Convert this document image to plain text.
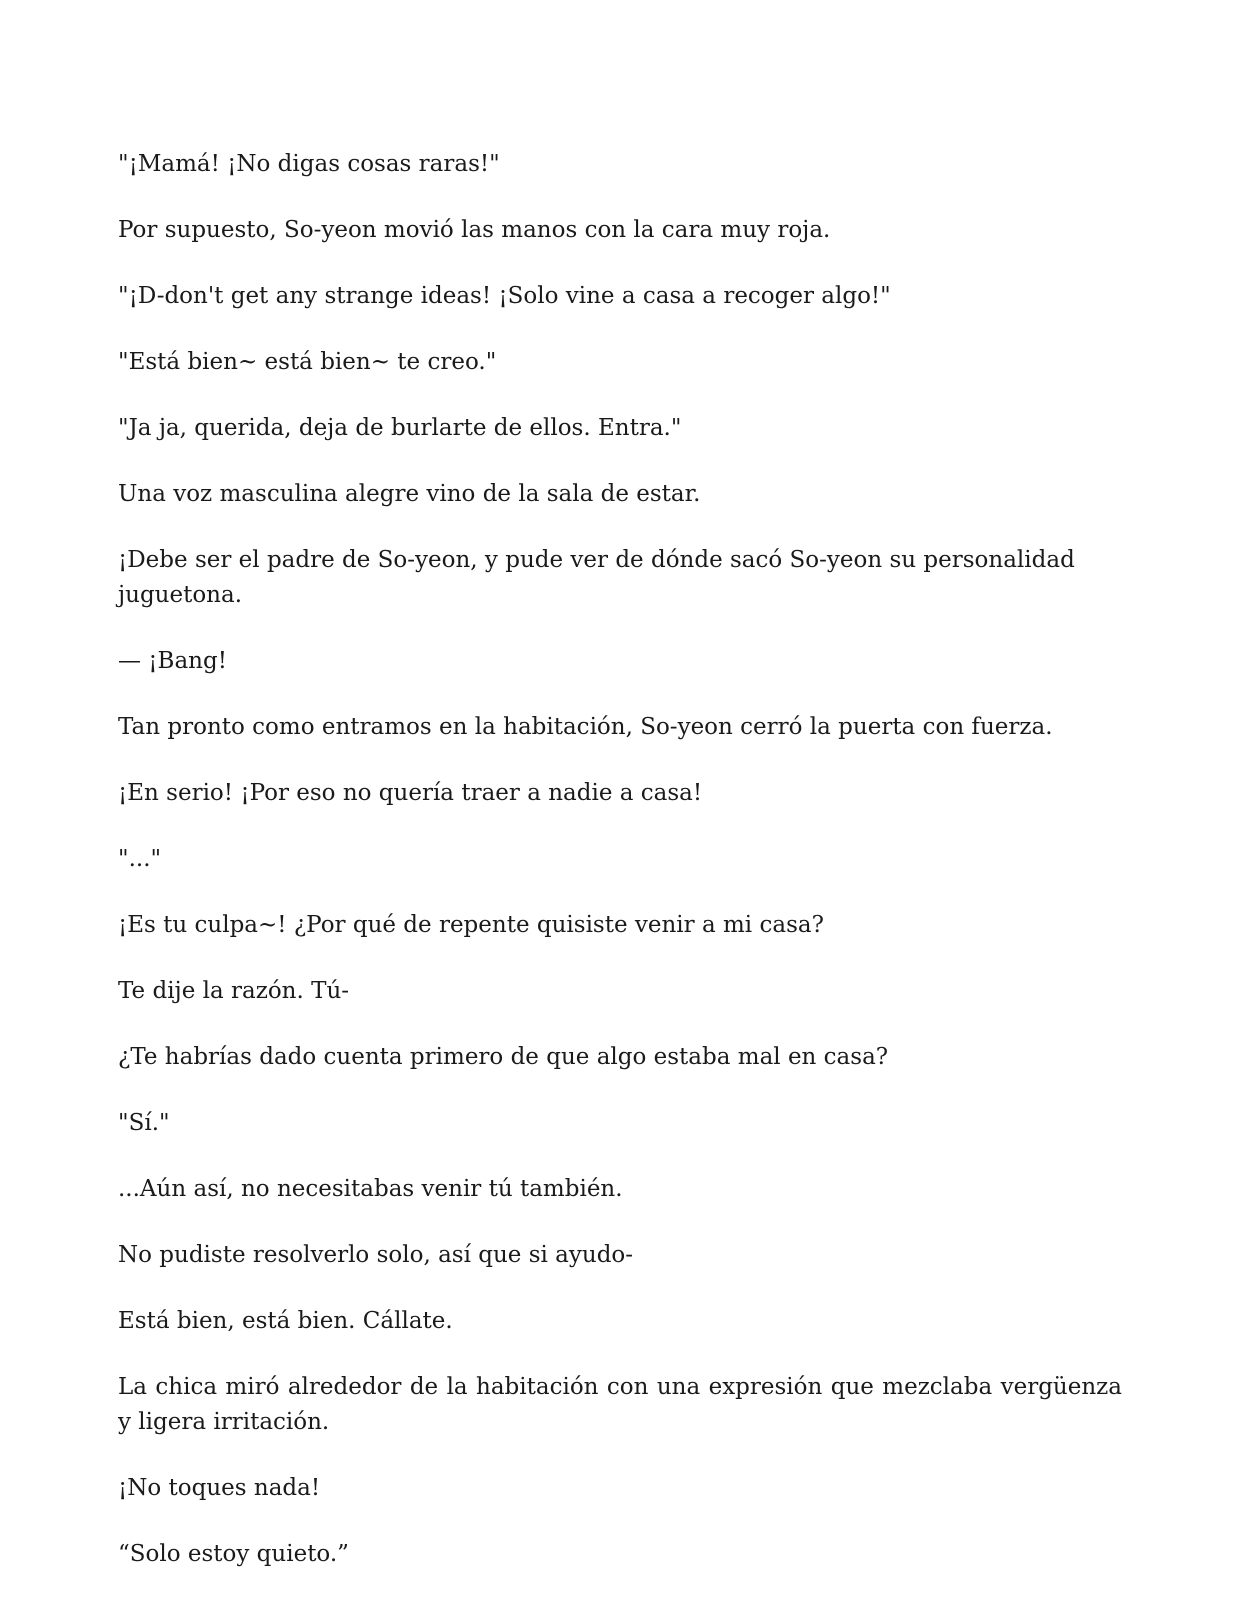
"¡Mamá! ¡No digas cosas raras!"

Por supuesto, So-yeon movió las manos con la cara muy roja.

"¡D-don't get any strange ideas! ¡Solo vine a casa a recoger algo!"

"Está bien~ está bien~ te creo."

"Ja ja, querida, deja de burlarte de ellos. Entra."

Una voz masculina alegre vino de la sala de estar.

¡Debe ser el padre de So-yeon, y pude ver de dónde sacó So-yeon su personalidad juguetona.

— ¡Bang!

Tan pronto como entramos en la habitación, So-yeon cerró la puerta con fuerza.

¡En serio! ¡Por eso no quería traer a nadie a casa!

"..."

¡Es tu culpa~! ¿Por qué de repente quisiste venir a mi casa?

Te dije la razón. Tú-

¿Te habrías dado cuenta primero de que algo estaba mal en casa?

"Sí."

...Aún así, no necesitabas venir tú también.

No pudiste resolverlo solo, así que si ayudo-

Está bien, está bien. Cállate.

La chica miró alrededor de la habitación con una expresión que mezclaba vergüenza y ligera irritación.

¡No toques nada!

“Solo estoy quieto.”
